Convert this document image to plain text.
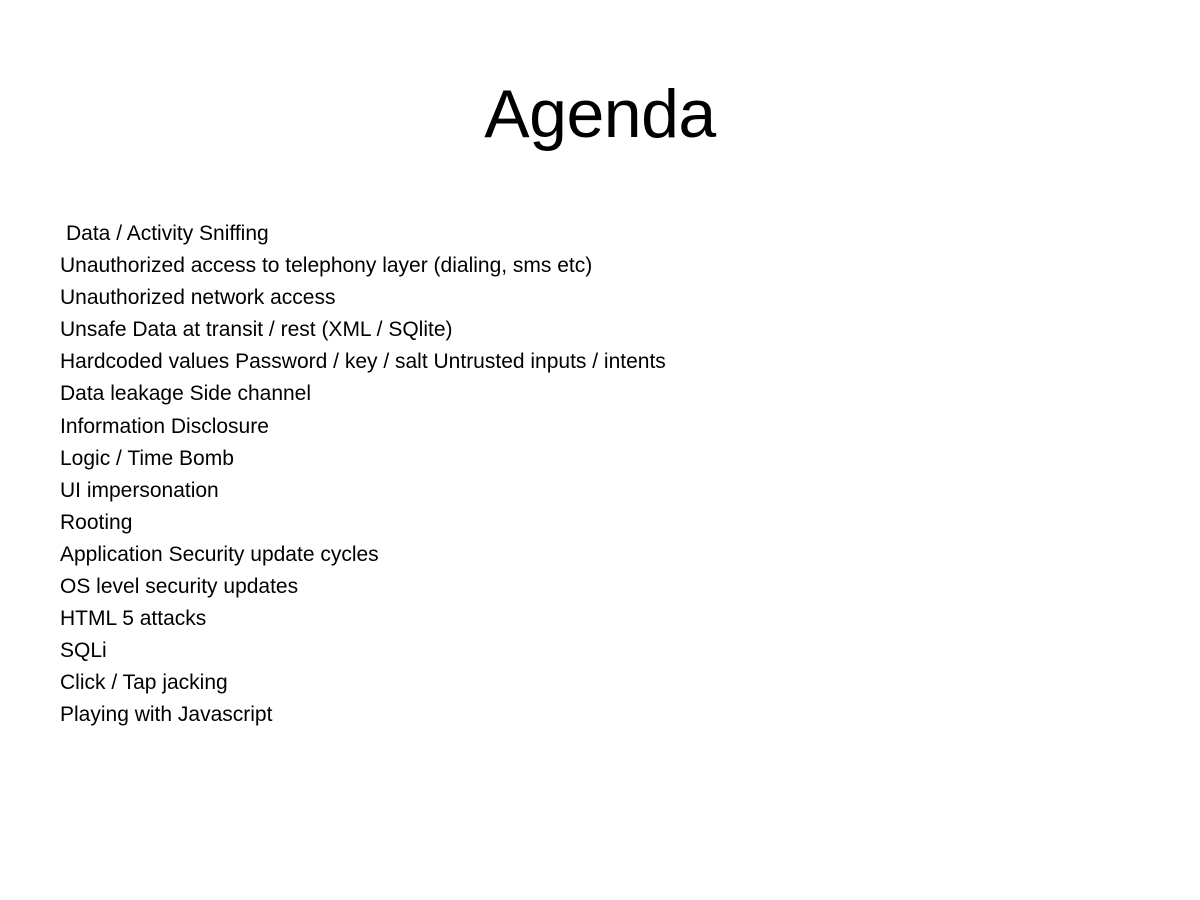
Agenda
Data / Activity Sniffing
Unauthorized access to telephony layer (dialing, sms etc)
Unauthorized network access
Unsafe Data at transit / rest (XML / SQlite)
Hardcoded values Password / key / salt Untrusted inputs / intents
Data leakage Side channel
Information Disclosure
Logic / Time Bomb
UI impersonation
Rooting
Application Security update cycles
OS level security updates
HTML 5 attacks
SQLi
Click / Tap jacking
Playing with Javascript
